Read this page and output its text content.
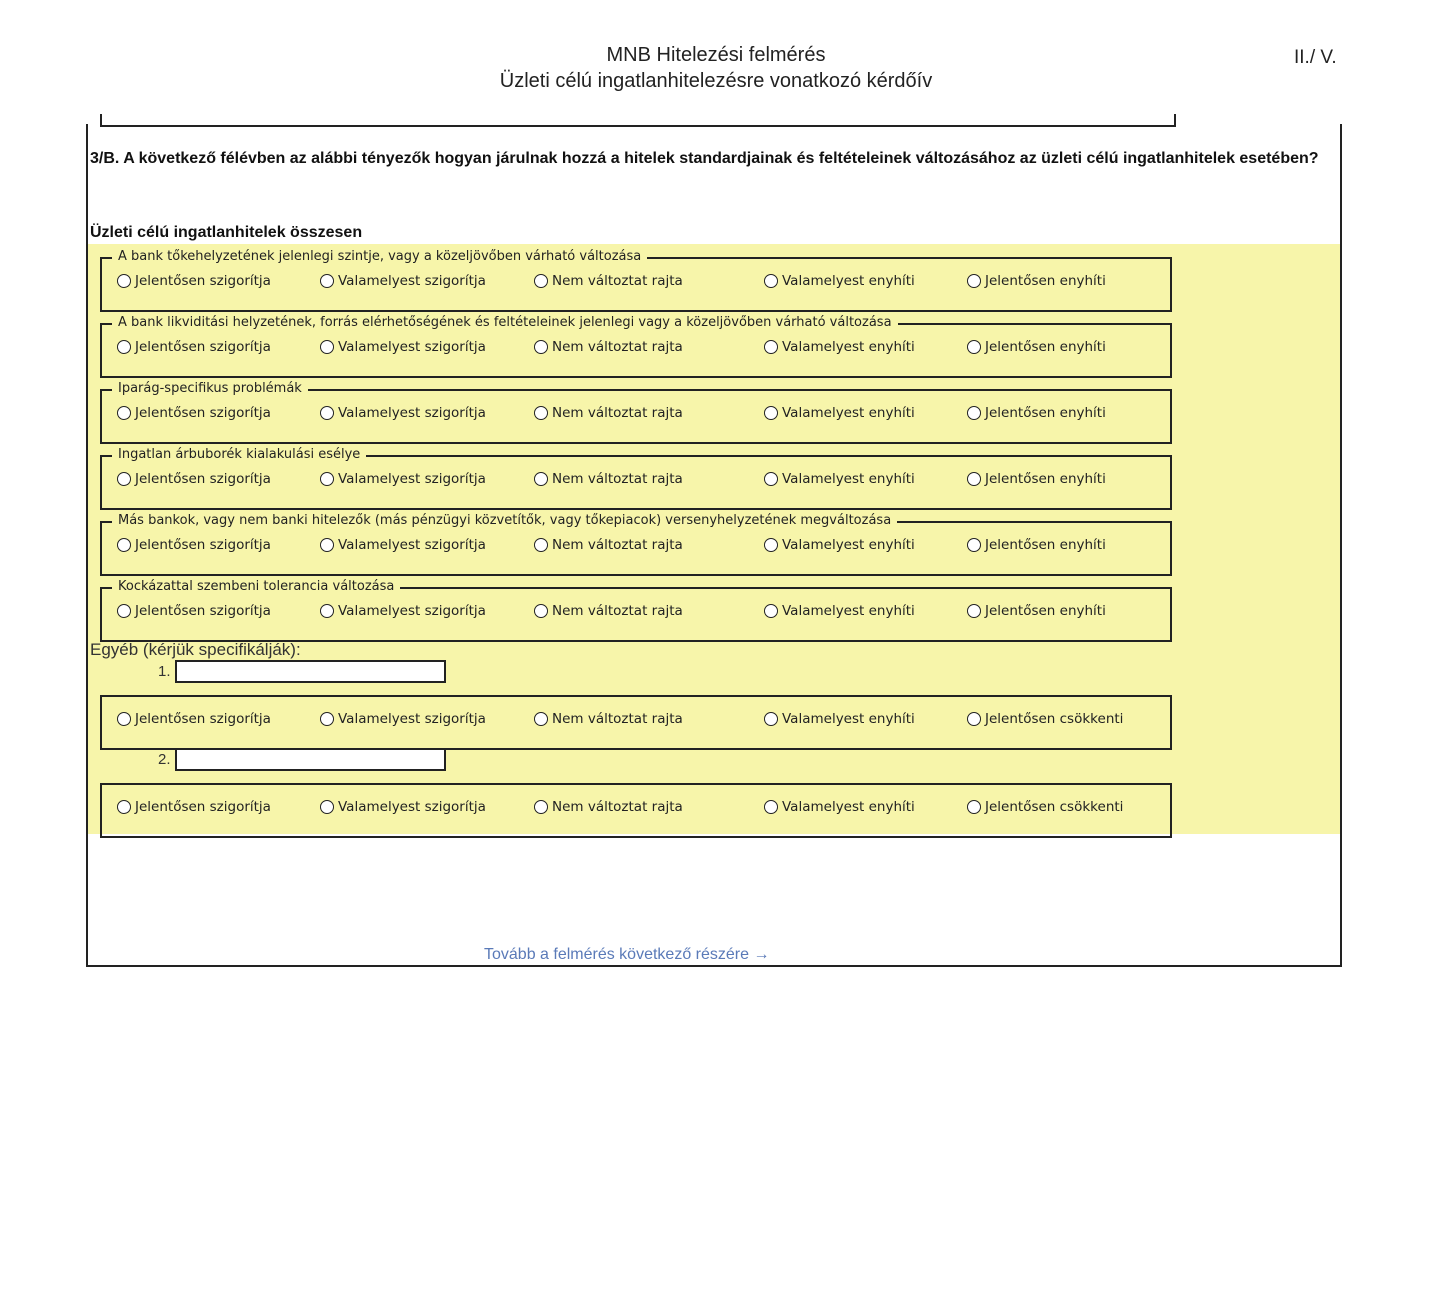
MNB Hitelezési felmérés
Üzleti célú ingatlanhitelezésre vonatkozó kérdőív
II./ V.
3/B. A következő félévben az alábbi tényezők hogyan járulnak hozzá a hitelek standardjainak és feltételeinek változásához az üzleti célú ingatlanhitelek esetében?
Üzleti célú ingatlanhitelek összesen
A bank tőkehelyzetének jelenlegi szintje, vagy a közeljövőben várható változása
Jelentősen szigorítja	Valamelyest szigorítja	Nem változtat rajta	Valamelyest enyhíti	Jelentősen enyhíti
A bank likviditási helyzetének, forrás elérhetőségének és feltételeinek jelenlegi vagy a közeljövőben várható változása
Jelentősen szigorítja	Valamelyest szigorítja	Nem változtat rajta	Valamelyest enyhíti	Jelentősen enyhíti
Iparág-specifikus problémák
Jelentősen szigorítja	Valamelyest szigorítja	Nem változtat rajta	Valamelyest enyhíti	Jelentősen enyhíti
Ingatlan árbuborék kialakulási esélye
Jelentősen szigorítja	Valamelyest szigorítja	Nem változtat rajta	Valamelyest enyhíti	Jelentősen enyhíti
Más bankok, vagy nem banki hitelezők (más pénzügyi közvetítők, vagy tőkepiacok) versenyhelyzetének megváltozása
Jelentősen szigorítja	Valamelyest szigorítja	Nem változtat rajta	Valamelyest enyhíti	Jelentősen enyhíti
Kockázattal szembeni tolerancia változása
Jelentősen szigorítja	Valamelyest szigorítja	Nem változtat rajta	Valamelyest enyhíti	Jelentősen enyhíti
Egyéb (kérjük specifikálják):
1.
Jelentősen szigorítja	Valamelyest szigorítja	Nem változtat rajta	Valamelyest enyhíti	Jelentősen csökkenti
2.
Jelentősen szigorítja	Valamelyest szigorítja	Nem változtat rajta	Valamelyest enyhíti	Jelentősen csökkenti
Tovább a felmérés következő részére →
